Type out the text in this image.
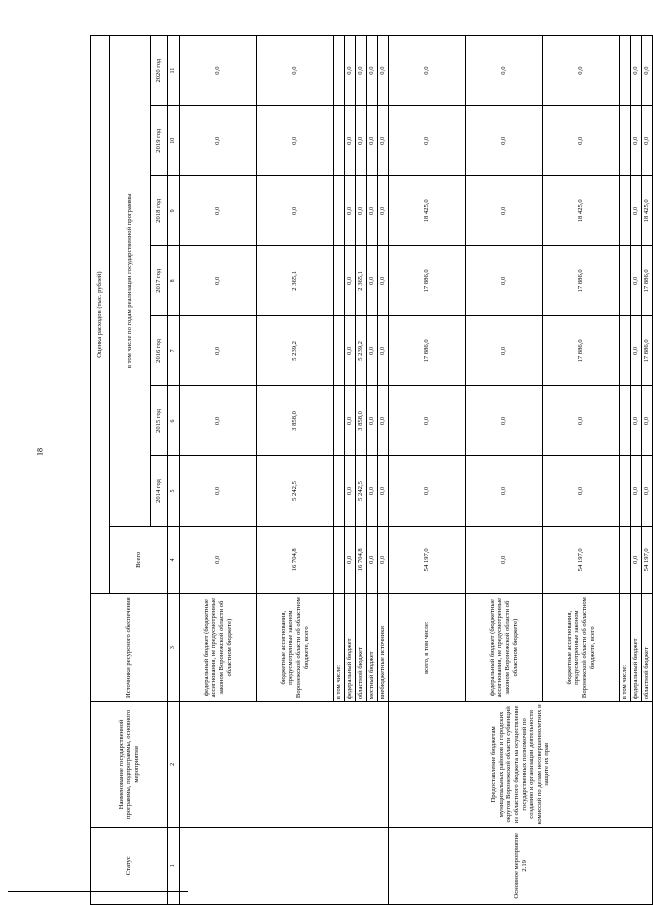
18
Статус	Наименование государственной программы, подпрограммы, основного мероприятия	Источники ресурсного обеспечения	Оценка расходов (тыс. рублей)							
			Всего	в том числе по годам реализации государственной программы						
				2014 год	2015 год	2016 год	2017 год	2018 год	2019 год	2020 год
1	2	3	4	5	6	7	8	9	10	11
		федеральный бюджет (бюджетные ассигнования, не предусмотренные законом Воронежской области об областном бюджете)	0,0	0,0	0,0	0,0	0,0	0,0	0,0	0,0
		бюджетные ассигнования, предусмотренные законом Воронежской области об областном бюджете, всего	16 704,8	5 242,5	3 858,0	5 239,2	2 365,1	0,0	0,0	0,0
		в том числе:								
		федеральный бюджет	0,0	0,0	0,0	0,0	0,0	0,0	0,0	0,0
		областной бюджет	16 704,8	5 242,5	3 858,0	5 239,2	2 365,1	0,0	0,0	0,0
		местный бюджет	0,0	0,0	0,0	0,0	0,0	0,0	0,0	0,0
		внебюджетные источники	0,0	0,0	0,0	0,0	0,0	0,0	0,0	0,0
Основное мероприятие 2.19	Предоставление бюджетам муниципальных районов и городских округов Воронежской области субвенций из областного бюджета на осуществление государственных полномочий по созданию и организации деятельности комиссий по делам несовершеннолетних и защите их прав	всего, в том числе:	54 197,0	0,0	0,0	17 886,0	17 886,0	18 425,0	0,0	0,0
		федеральный бюджет (бюджетные ассигнования, не предусмотренные законом Воронежской области об областном бюджете)	0,0	0,0	0,0	0,0	0,0	0,0	0,0	0,0
		бюджетные ассигнования, предусмотренные законом Воронежской области об областном бюджете, всего	54 197,0	0,0	0,0	17 886,0	17 886,0	18 425,0	0,0	0,0
		в том числе:								
		федеральный бюджет	0,0	0,0	0,0	0,0	0,0	0,0	0,0	0,0
		областной бюджет	54 197,0	0,0	0,0	17 886,0	17 886,0	18 425,0	0,0	0,0
